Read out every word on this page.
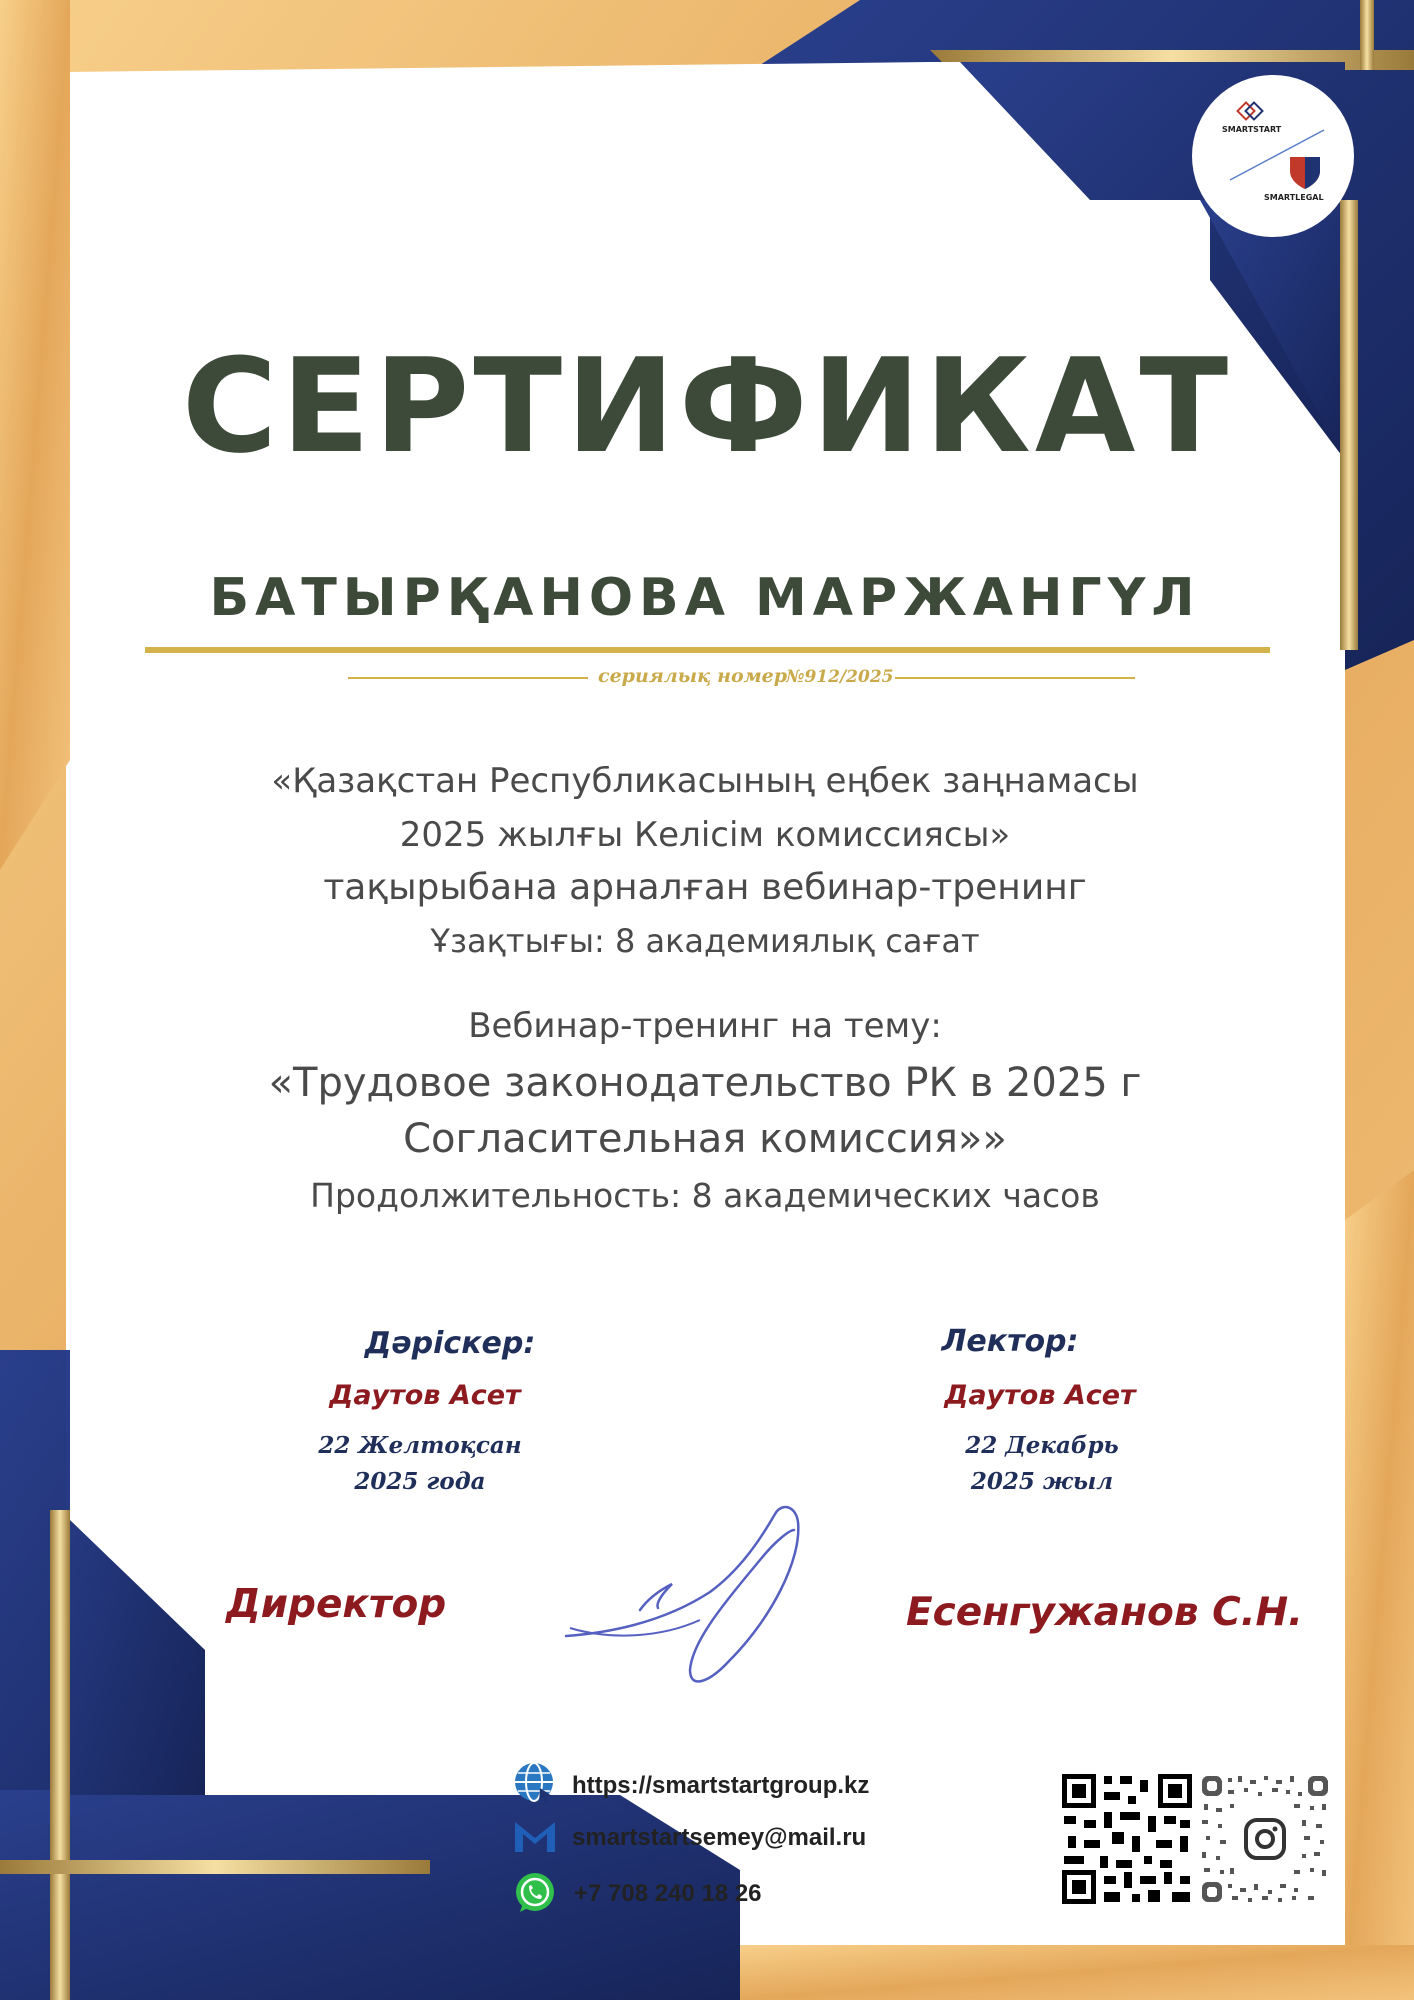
SMARTSTART
SMARTLEGAL
СЕРТИФИКАТ
БАТЫРҚАНОВА МАРЖАНГҮЛ
сериялық номер
№912/2025
«Қазақстан Республикасының еңбек заңнамасы
2025 жылғы Келісім комиссиясы»
тақырыбана арналған вебинар-тренинг
Ұзақтығы: 8 академиялық сағат
Вебинар-тренинг на тему:
«Трудовое законодательство РК в 2025 г
Согласительная комиссия»»
Продолжительность: 8 академических часов
Дәріскер:
Даутов Асет
22 Желтоқсан
2025 года
Лектор:
Даутов Асет
22 Декабрь
2025 жыл
Директор	Есенгужанов С.Н.
https://smartstartgroup.kz
smartstartsemey@mail.ru
+7 708 240 18 26
